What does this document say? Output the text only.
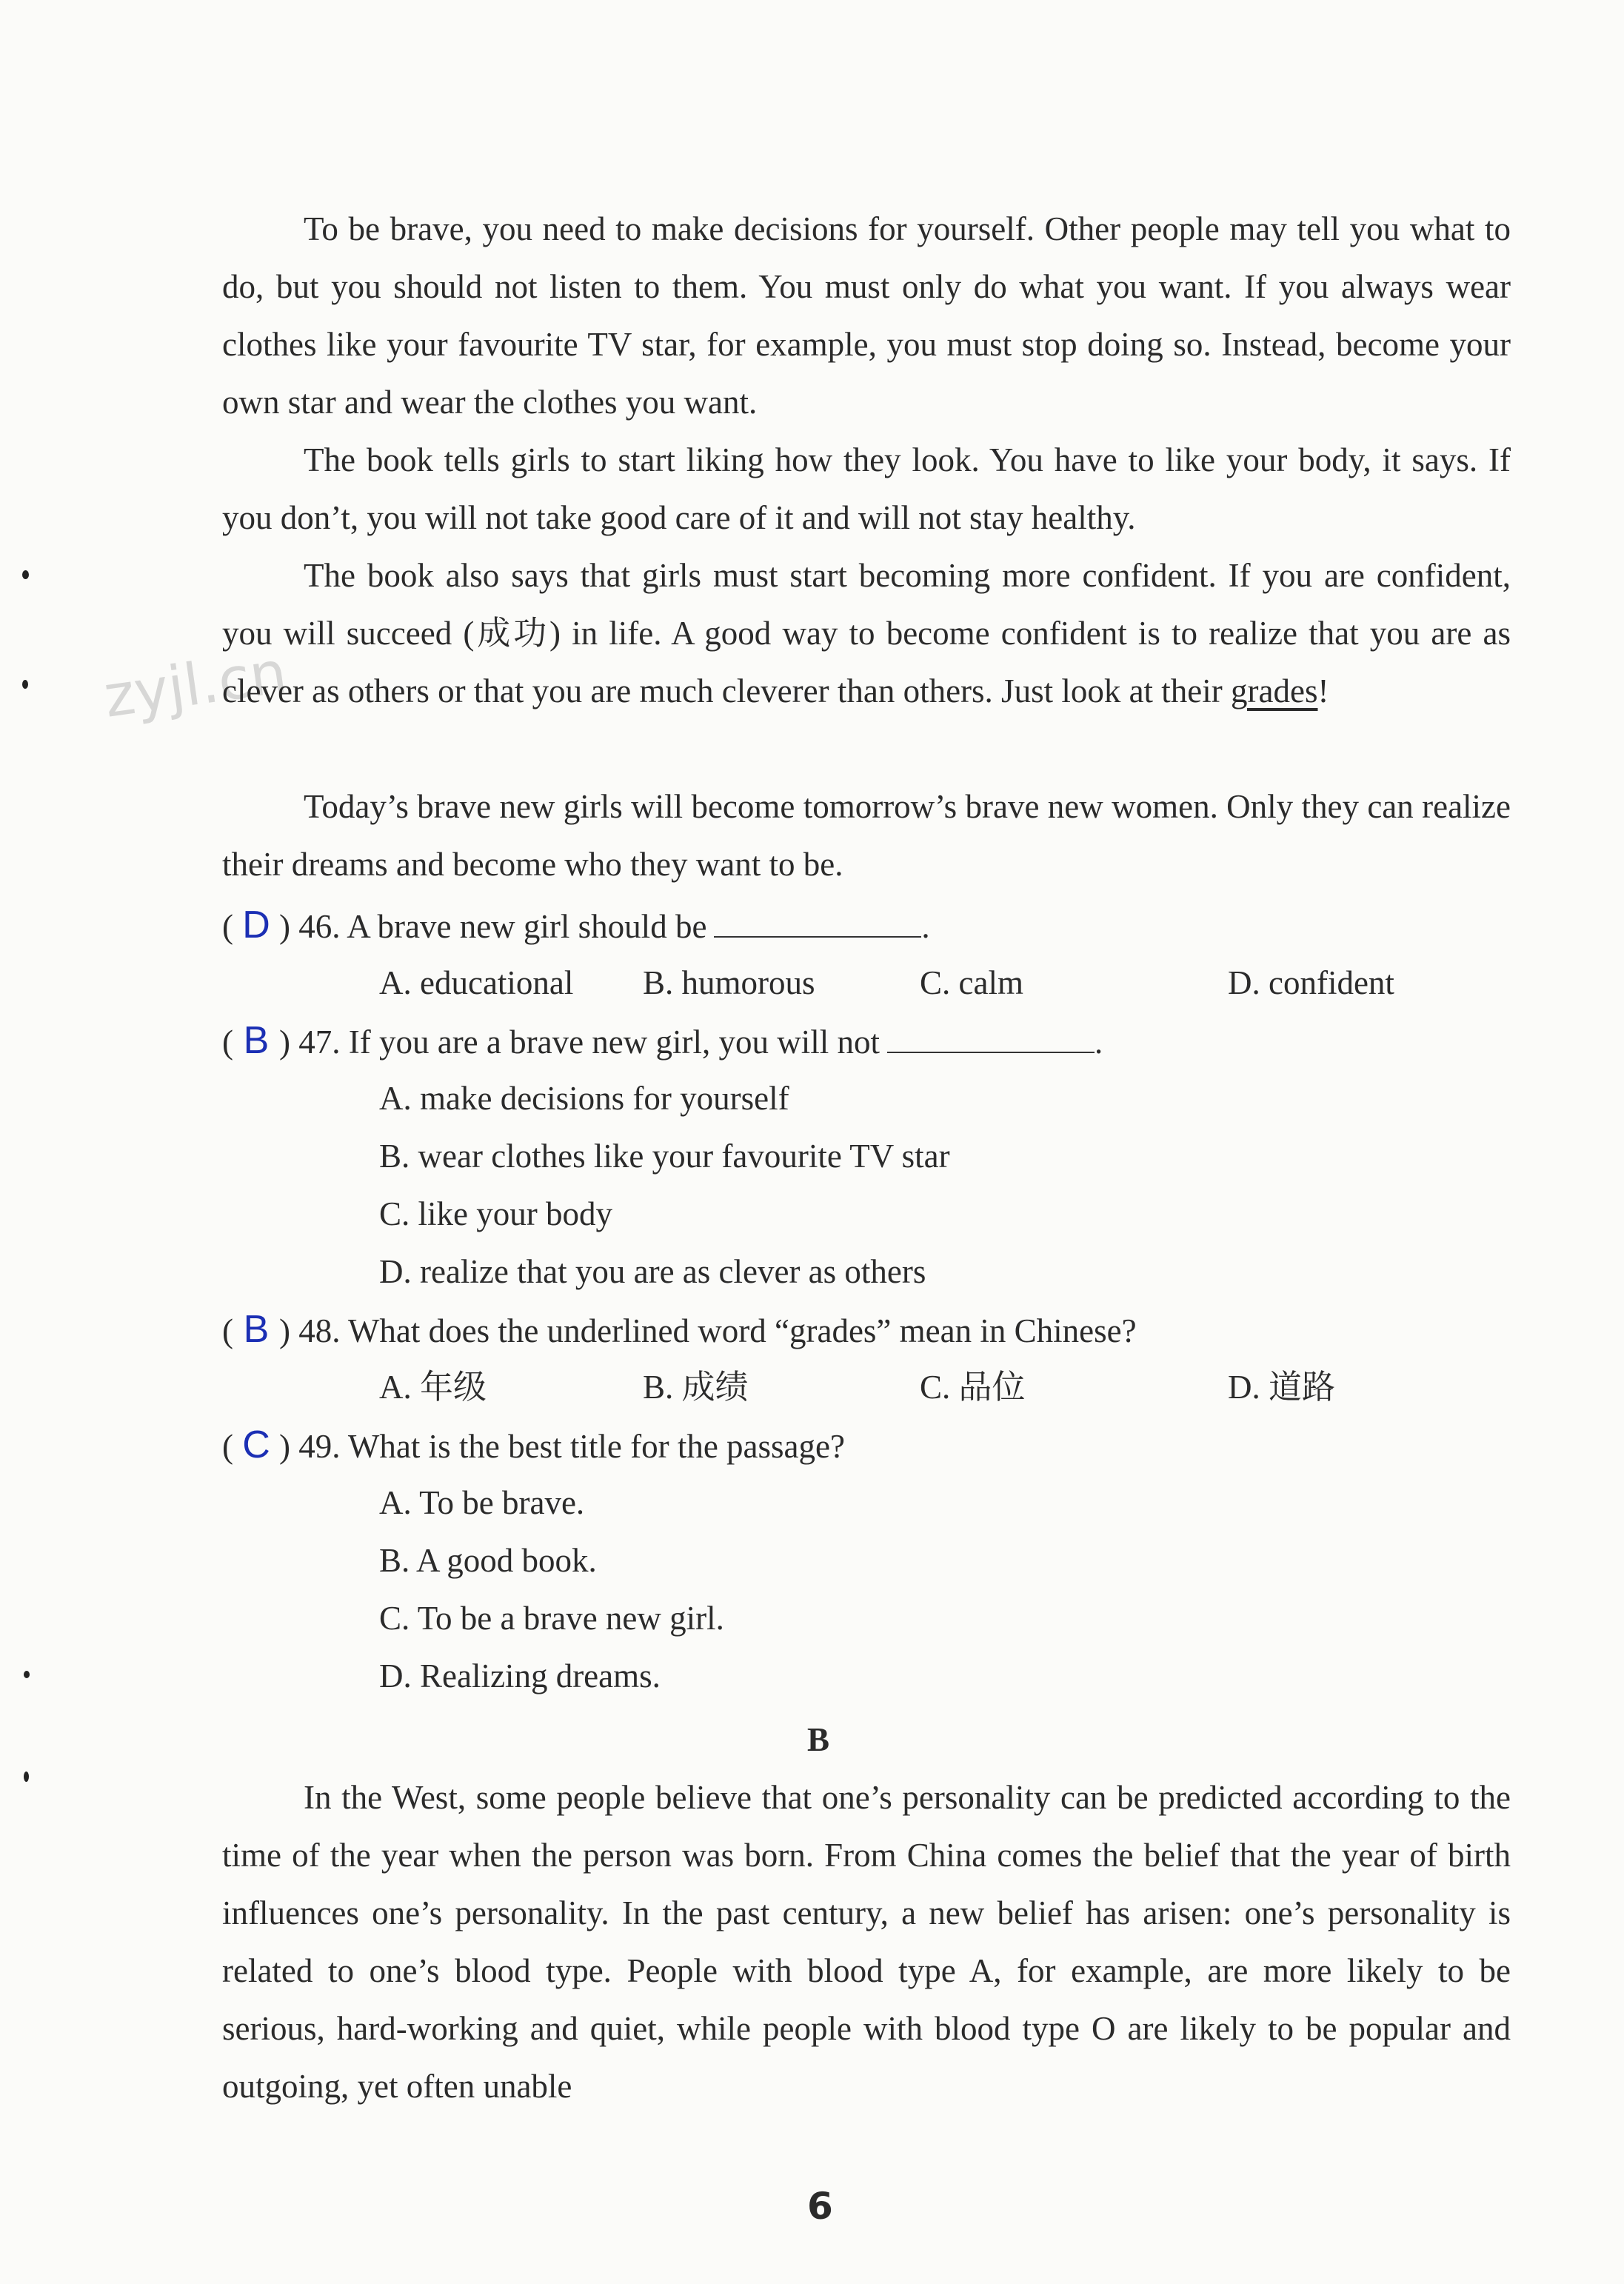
zyjl.cn

To be brave, you need to make decisions for yourself. Other people may tell you what to do, but you should not listen to them. You must only do what you want. If you always wear clothes like your favourite TV star, for example, you must stop doing so. Instead, become your own star and wear the clothes you want.

The book tells girls to start liking how they look. You have to like your body, it says. If you don’t, you will not take good care of it and will not stay healthy.

The book also says that girls must start becoming more confident. If you are confident, you will succeed (成功) in life. A good way to become confident is to realize that you are as clever as others or that you are much cleverer than others. Just look at their grades!

Today’s brave new girls will become tomorrow’s brave new women. Only they can realize their dreams and become who they want to be.

( D ) 46. A brave new girl should be	.
A. educational B. humorous	C. calm	D. confident
( B ) 47. If you are a brave new girl, you will not	.
A. make decisions for yourself
B. wear clothes like your favourite TV star
C. like your body
D. realize that you are as clever as others
( B ) 48. What does the underlined word “grades” mean in Chinese?
A. 年级	B. 成绩	C. 品位	D. 道路
( C ) 49. What is the best title for the passage?
A. To be brave.
B. A good book.
C. To be a brave new girl.
D. Realizing dreams.
B

In the West, some people believe that one’s personality can be predicted according to the time of the year when the person was born. From China comes the belief that the year of birth influences one’s personality. In the past century, a new belief has arisen: one’s personality is related to one’s blood type. People with blood type A, for example, are more likely to be serious, hard-working and quiet, while people with blood type O are likely to be popular and outgoing, yet often unable

6
